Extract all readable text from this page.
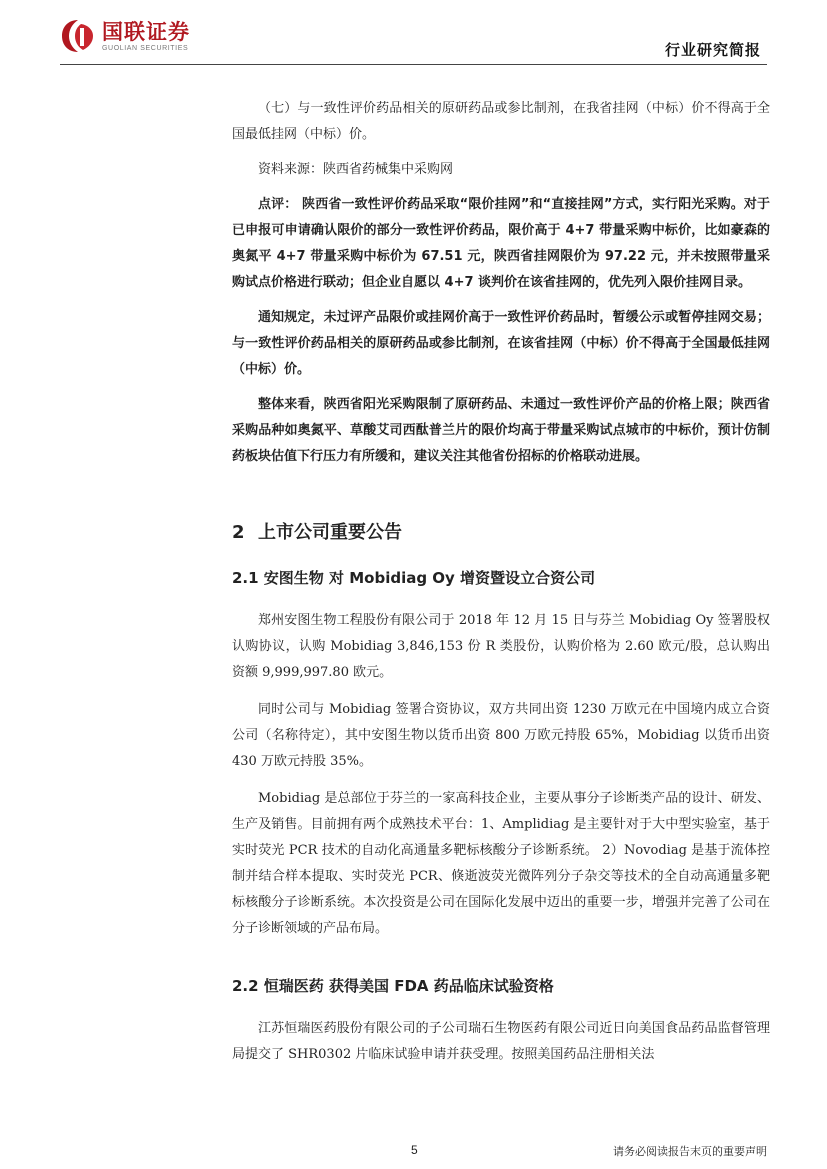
国联证券
GUOLIAN SECURITIES	行业研究简报

（七）与一致性评价药品相关的原研药品或参比制剂，在我省挂网（中标）价不得高于全国最低挂网（中标）价。

资料来源：陕西省药械集中采购网

点评： 陕西省一致性评价药品采取“限价挂网”和“直接挂网”方式，实行阳光采购。对于已申报可申请确认限价的部分一致性评价药品，限价高于 4+7 带量采购中标价，比如豪森的奥氮平 4+7 带量采购中标价为 67.51 元，陕西省挂网限价为 97.22 元，并未按照带量采购试点价格进行联动；但企业自愿以 4+7 谈判价在该省挂网的，优先列入限价挂网目录。

通知规定，未过评产品限价或挂网价高于一致性评价药品时，暂缓公示或暂停挂网交易；与一致性评价药品相关的原研药品或参比制剂，在该省挂网（中标）价不得高于全国最低挂网（中标）价。

整体来看，陕西省阳光采购限制了原研药品、未通过一致性评价产品的价格上限；陕西省采购品种如奥氮平、草酸艾司西酞普兰片的限价均高于带量采购试点城市的中标价，预计仿制药板块估值下行压力有所缓和，建议关注其他省份招标的价格联动进展。

2 上市公司重要公告
2.1 安图生物 对 Mobidiag Oy 增资暨设立合资公司

郑州安图生物工程股份有限公司于 2018 年 12 月 15 日与芬兰 Mobidiag Oy 签署股权认购协议，认购 Mobidiag 3,846,153 份 R 类股份，认购价格为 2.60 欧元/股，总认购出资额 9,999,997.80 欧元。

同时公司与 Mobidiag 签署合资协议，双方共同出资 1230 万欧元在中国境内成立合资公司（名称待定），其中安图生物以货币出资 800 万欧元持股 65%，Mobidiag 以货币出资 430 万欧元持股 35%。

Mobidiag 是总部位于芬兰的一家高科技企业，主要从事分子诊断类产品的设计、研发、生产及销售。目前拥有两个成熟技术平台：1、Amplidiag 是主要针对于大中型实验室，基于实时荧光 PCR 技术的自动化高通量多靶标核酸分子诊断系统。 2）Novodiag 是基于流体控制并结合样本提取、实时荧光 PCR、倏逝波荧光微阵列分子杂交等技术的全自动高通量多靶标核酸分子诊断系统。本次投资是公司在国际化发展中迈出的重要一步，增强并完善了公司在分子诊断领域的产品布局。

2.2 恒瑞医药 获得美国 FDA 药品临床试验资格

江苏恒瑞医药股份有限公司的子公司瑞石生物医药有限公司近日向美国食品药品监督管理局提交了 SHR0302 片临床试验申请并获受理。按照美国药品注册相关法

5	请务必阅读报告末页的重要声明
